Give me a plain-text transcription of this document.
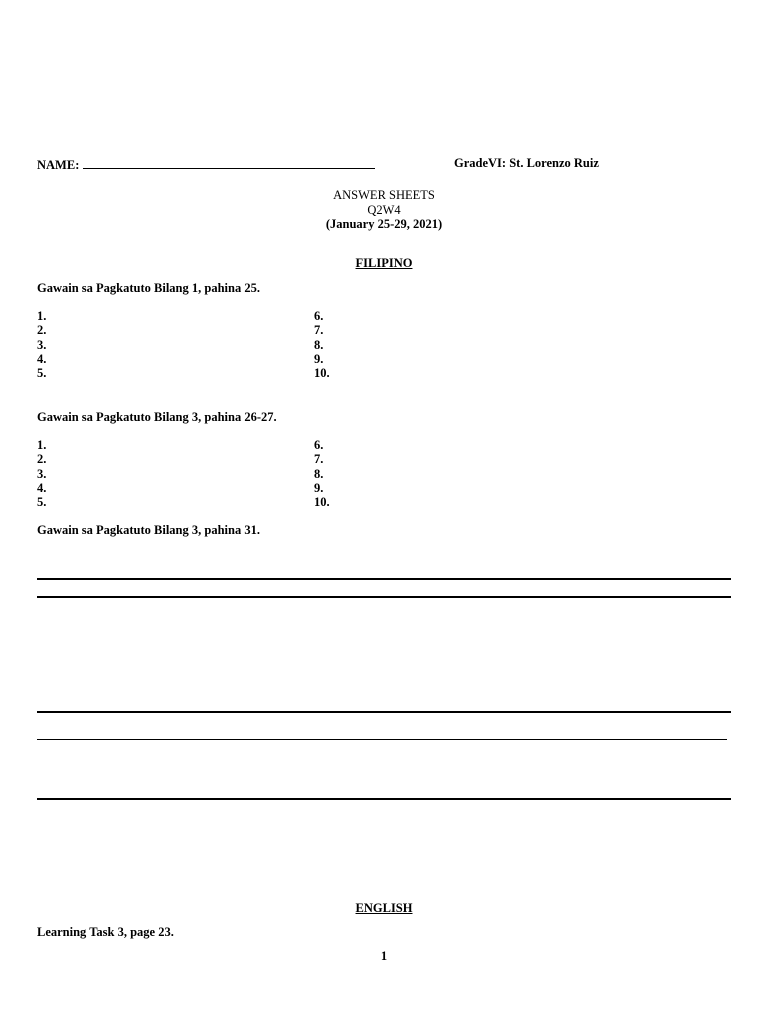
NAME:	GradeVI: St. Lorenzo Ruiz
ANSWER SHEETS
Q2W4
(January 25-29, 2021)
FILIPINO
Gawain sa Pagkatuto Bilang 1, pahina 25.
1.
2.
3.
4.
5.
6.
7.
8.
9.
10.
Gawain sa Pagkatuto Bilang 3, pahina 26-27.
1.
2.
3.
4.
5.
6.
7.
8.
9.
10.
Gawain sa Pagkatuto Bilang 3, pahina 31.
ENGLISH
Learning Task 3, page 23.
1
